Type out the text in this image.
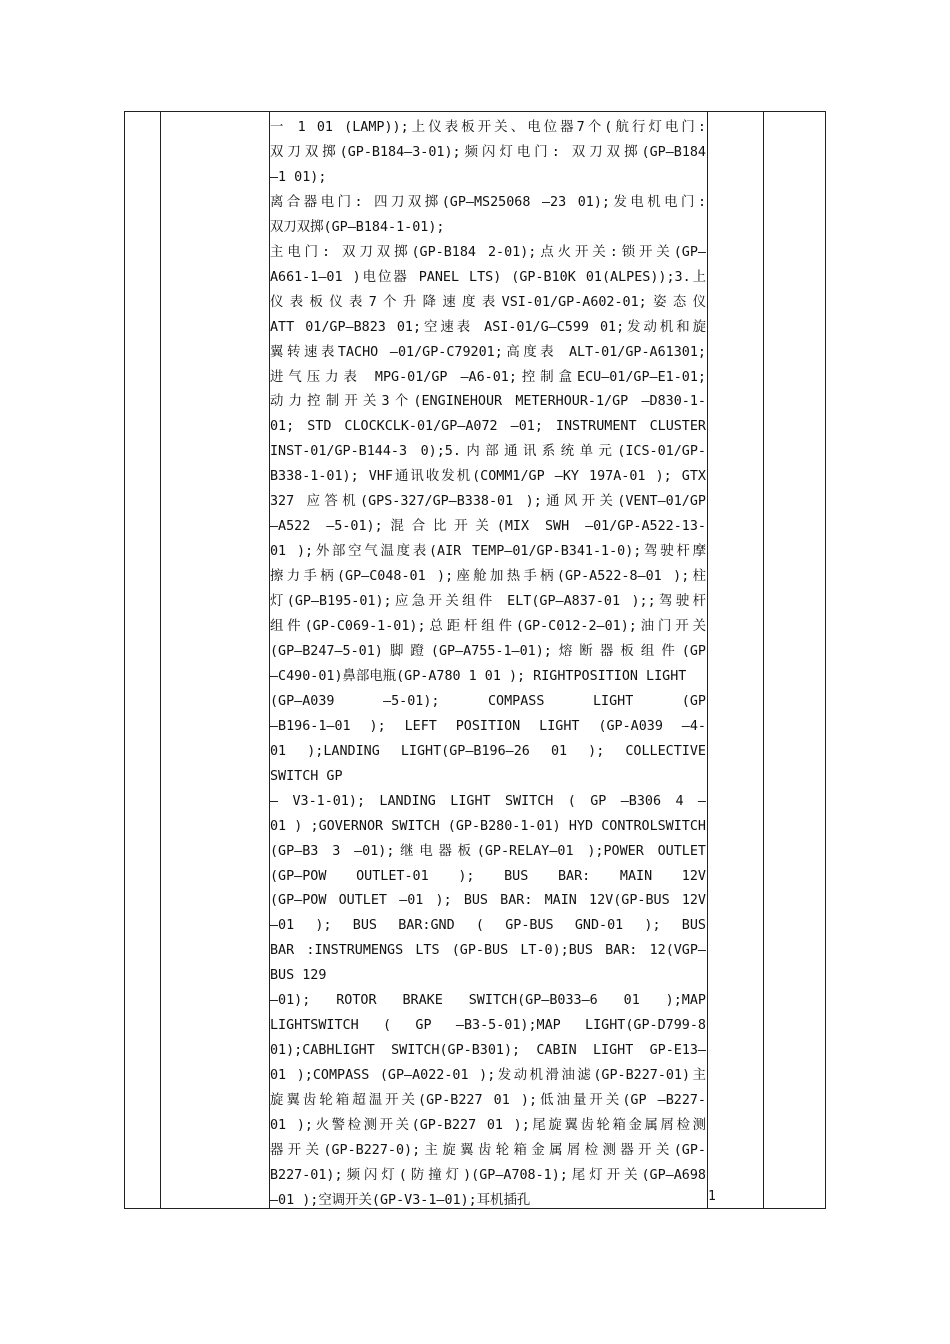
一 1 01 (LAMP));上仪表板开关、电位器7个(航行灯电门:
双刀双掷(GP-B184—3-01);频闪灯电门: 双刀双掷(GP—B184
—1 01);
离合器电门: 四刀双掷(GP—MS25068 —23 01);发电机电门:
双刀双掷(GP—B184-1-01);
主电门: 双刀双掷(GP-B184 2-01);点火开关:锁开关(GP—
A661-1—01 )电位器 PANEL LTS) (GP-B10K 01(ALPES));3.上
仪表板仪表7个升降速度表VSI-01/GP-A602-01;姿态仪
ATT 01/GP—B823 01;空速表 ASI-01/G—C599 01;发动机和旋
翼转速表TACHO —01/GP-C79201;高度表 ALT-01/GP-A61301;
进气压力表 MPG-01/GP —A6-01;控制盒ECU—01/GP—E1-01;
动力控制开关3个(ENGINEHOUR METERHOUR-1/GP —D830-1-
01; STD CLOCKCLK-01/GP—A072 —01; INSTRUMENT CLUSTER
INST-01/GP-B144-3 0);5.内部通讯系统单元(ICS-01/GP-
B338-1-01); VHF通讯收发机(COMM1/GP —KY 197A-01 ); GTX
327 应答机(GPS-327/GP—B338-01 );通风开关(VENT—01/GP
—A522 —5-01);混合比开关(MIX SWH —01/GP-A522-13-
01 );外部空气温度表(AIR TEMP—01/GP-B341-1-0);驾驶杆摩
擦力手柄(GP—C048-01 );座舱加热手柄(GP-A522-8—01 );柱
灯(GP—B195-01);应急开关组件 ELT(GP—A837-01 );;驾驶杆
组件(GP-C069-1-01);总距杆组件(GP-C012-2—01);油门开关
(GP—B247—5-01)脚蹬(GP—A755-1—01);熔断器板组件(GP
—C490-01)鼻部电瓶(GP-A780 1 01 ); RIGHTPOSITION LIGHT
(GP—A039 —5-01); COMPASS LIGHT (GP
—B196-1—01 ); LEFT POSITION LIGHT (GP-A039 —4-
01 );LANDING LIGHT(GP—B196—26 01 ); COLLECTIVE
SWITCH GP
— V3-1-01); LANDING LIGHT SWITCH ( GP —B306 4 —
01 ) ;GOVERNOR SWITCH (GP-B280-1-01) HYD CONTROLSWITCH
(GP—B3 3 —01);继电器板(GP-RELAY—01 );POWER OUTLET
(GP—POW OUTLET-01 ); BUS BAR: MAIN 12V
(GP—POW OUTLET —01 ); BUS BAR: MAIN 12V(GP-BUS 12V
—01 ); BUS BAR:GND ( GP-BUS GND-01 ); BUS
BAR :INSTRUMENGS LTS (GP-BUS LT-0);BUS BAR: 12(VGP—
BUS 129
—01); ROTOR BRAKE SWITCH(GP—B033—6 01 );MAP
LIGHTSWITCH ( GP —B3-5-01);MAP LIGHT(GP-D799-8
01);CABHLIGHT SWITCH(GP-B301); CABIN LIGHT GP-E13—
01 );COMPASS (GP—A022-01 );发动机滑油滤(GP-B227-01)主
旋翼齿轮箱超温开关(GP-B227 01 );低油量开关(GP —B227-
01 );火警检测开关(GP-B227 01 );尾旋翼齿轮箱金属屑检测
器开关(GP-B227-0);主旋翼齿轮箱金属屑检测器开关(GP-
B227-01);频闪灯(防撞灯)(GP—A708-1);尾灯开关(GP—A698
—01 );空调开关(GP-V3-1—01);耳机插孔	1
